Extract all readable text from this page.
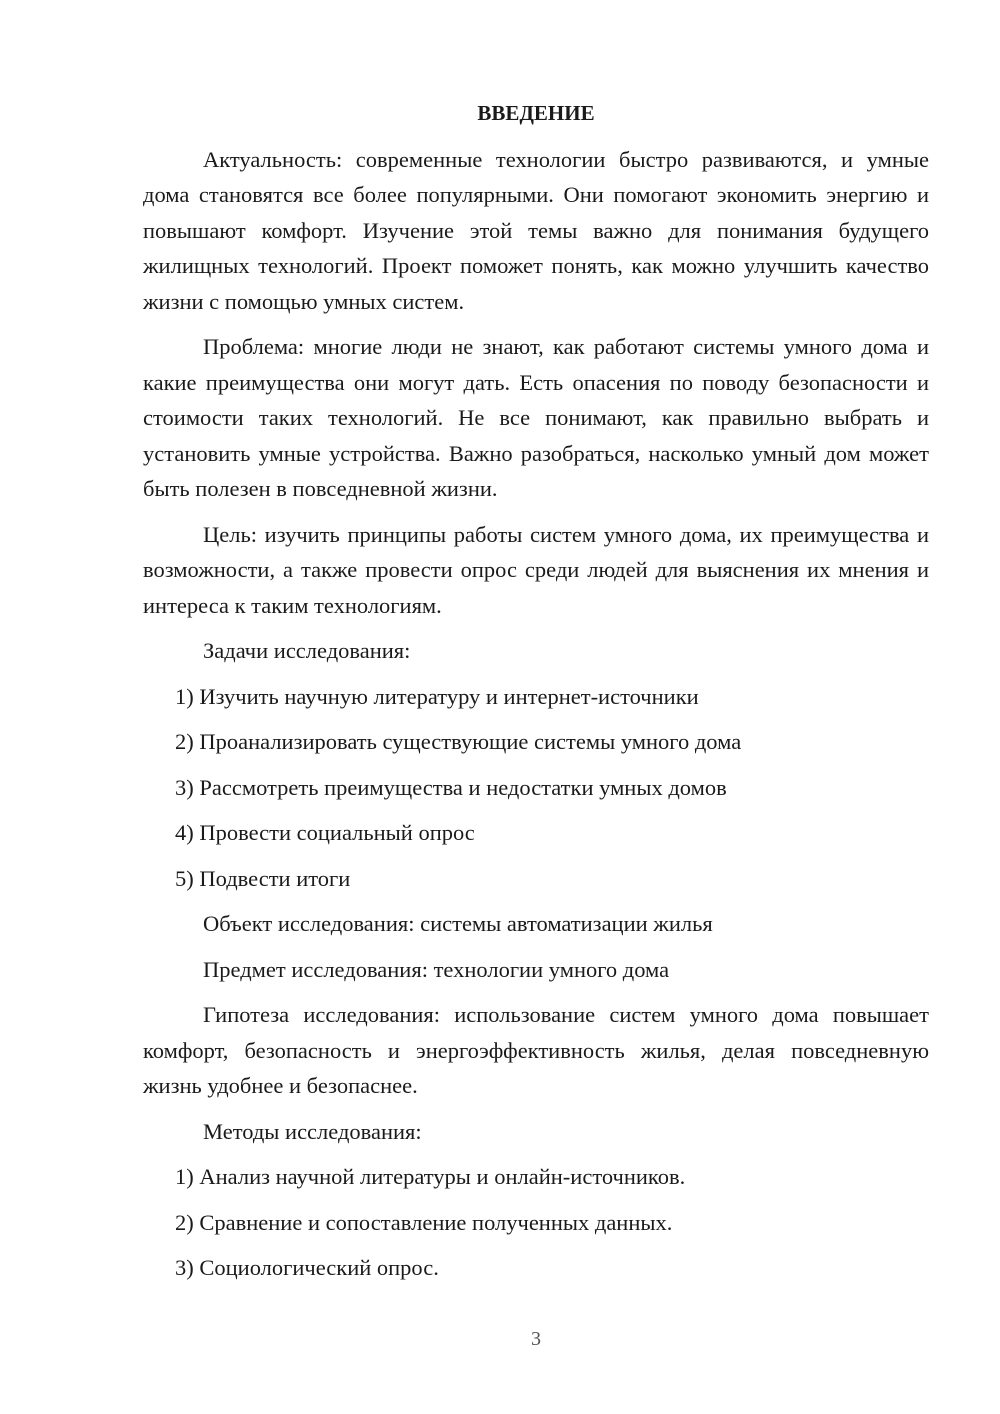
ВВЕДЕНИЕ
Актуальность: современные технологии быстро развиваются, и умные дома становятся все более популярными. Они помогают экономить энергию и повышают комфорт. Изучение этой темы важно для понимания будущего жилищных технологий. Проект поможет понять, как можно улучшить качество жизни с помощью умных систем.
Проблема: многие люди не знают, как работают системы умного дома и какие преимущества они могут дать. Есть опасения по поводу безопасности и стоимости таких технологий. Не все понимают, как правильно выбрать и установить умные устройства. Важно разобраться, насколько умный дом может быть полезен в повседневной жизни.
Цель: изучить принципы работы систем умного дома, их преимущества и возможности, а также провести опрос среди людей для выяснения их мнения и интереса к таким технологиям.
Задачи исследования:
1) Изучить научную литературу и интернет-источники
2) Проанализировать существующие системы умного дома
3) Рассмотреть преимущества и недостатки умных домов
4) Провести социальный опрос
5) Подвести итоги
Объект исследования: системы автоматизации жилья
Предмет исследования: технологии умного дома
Гипотеза исследования: использование систем умного дома повышает комфорт, безопасность и энергоэффективность жилья, делая повседневную жизнь удобнее и безопаснее.
Методы исследования:
1) Анализ научной литературы и онлайн-источников.
2) Сравнение и сопоставление полученных данных.
3) Социологический опрос.
3
